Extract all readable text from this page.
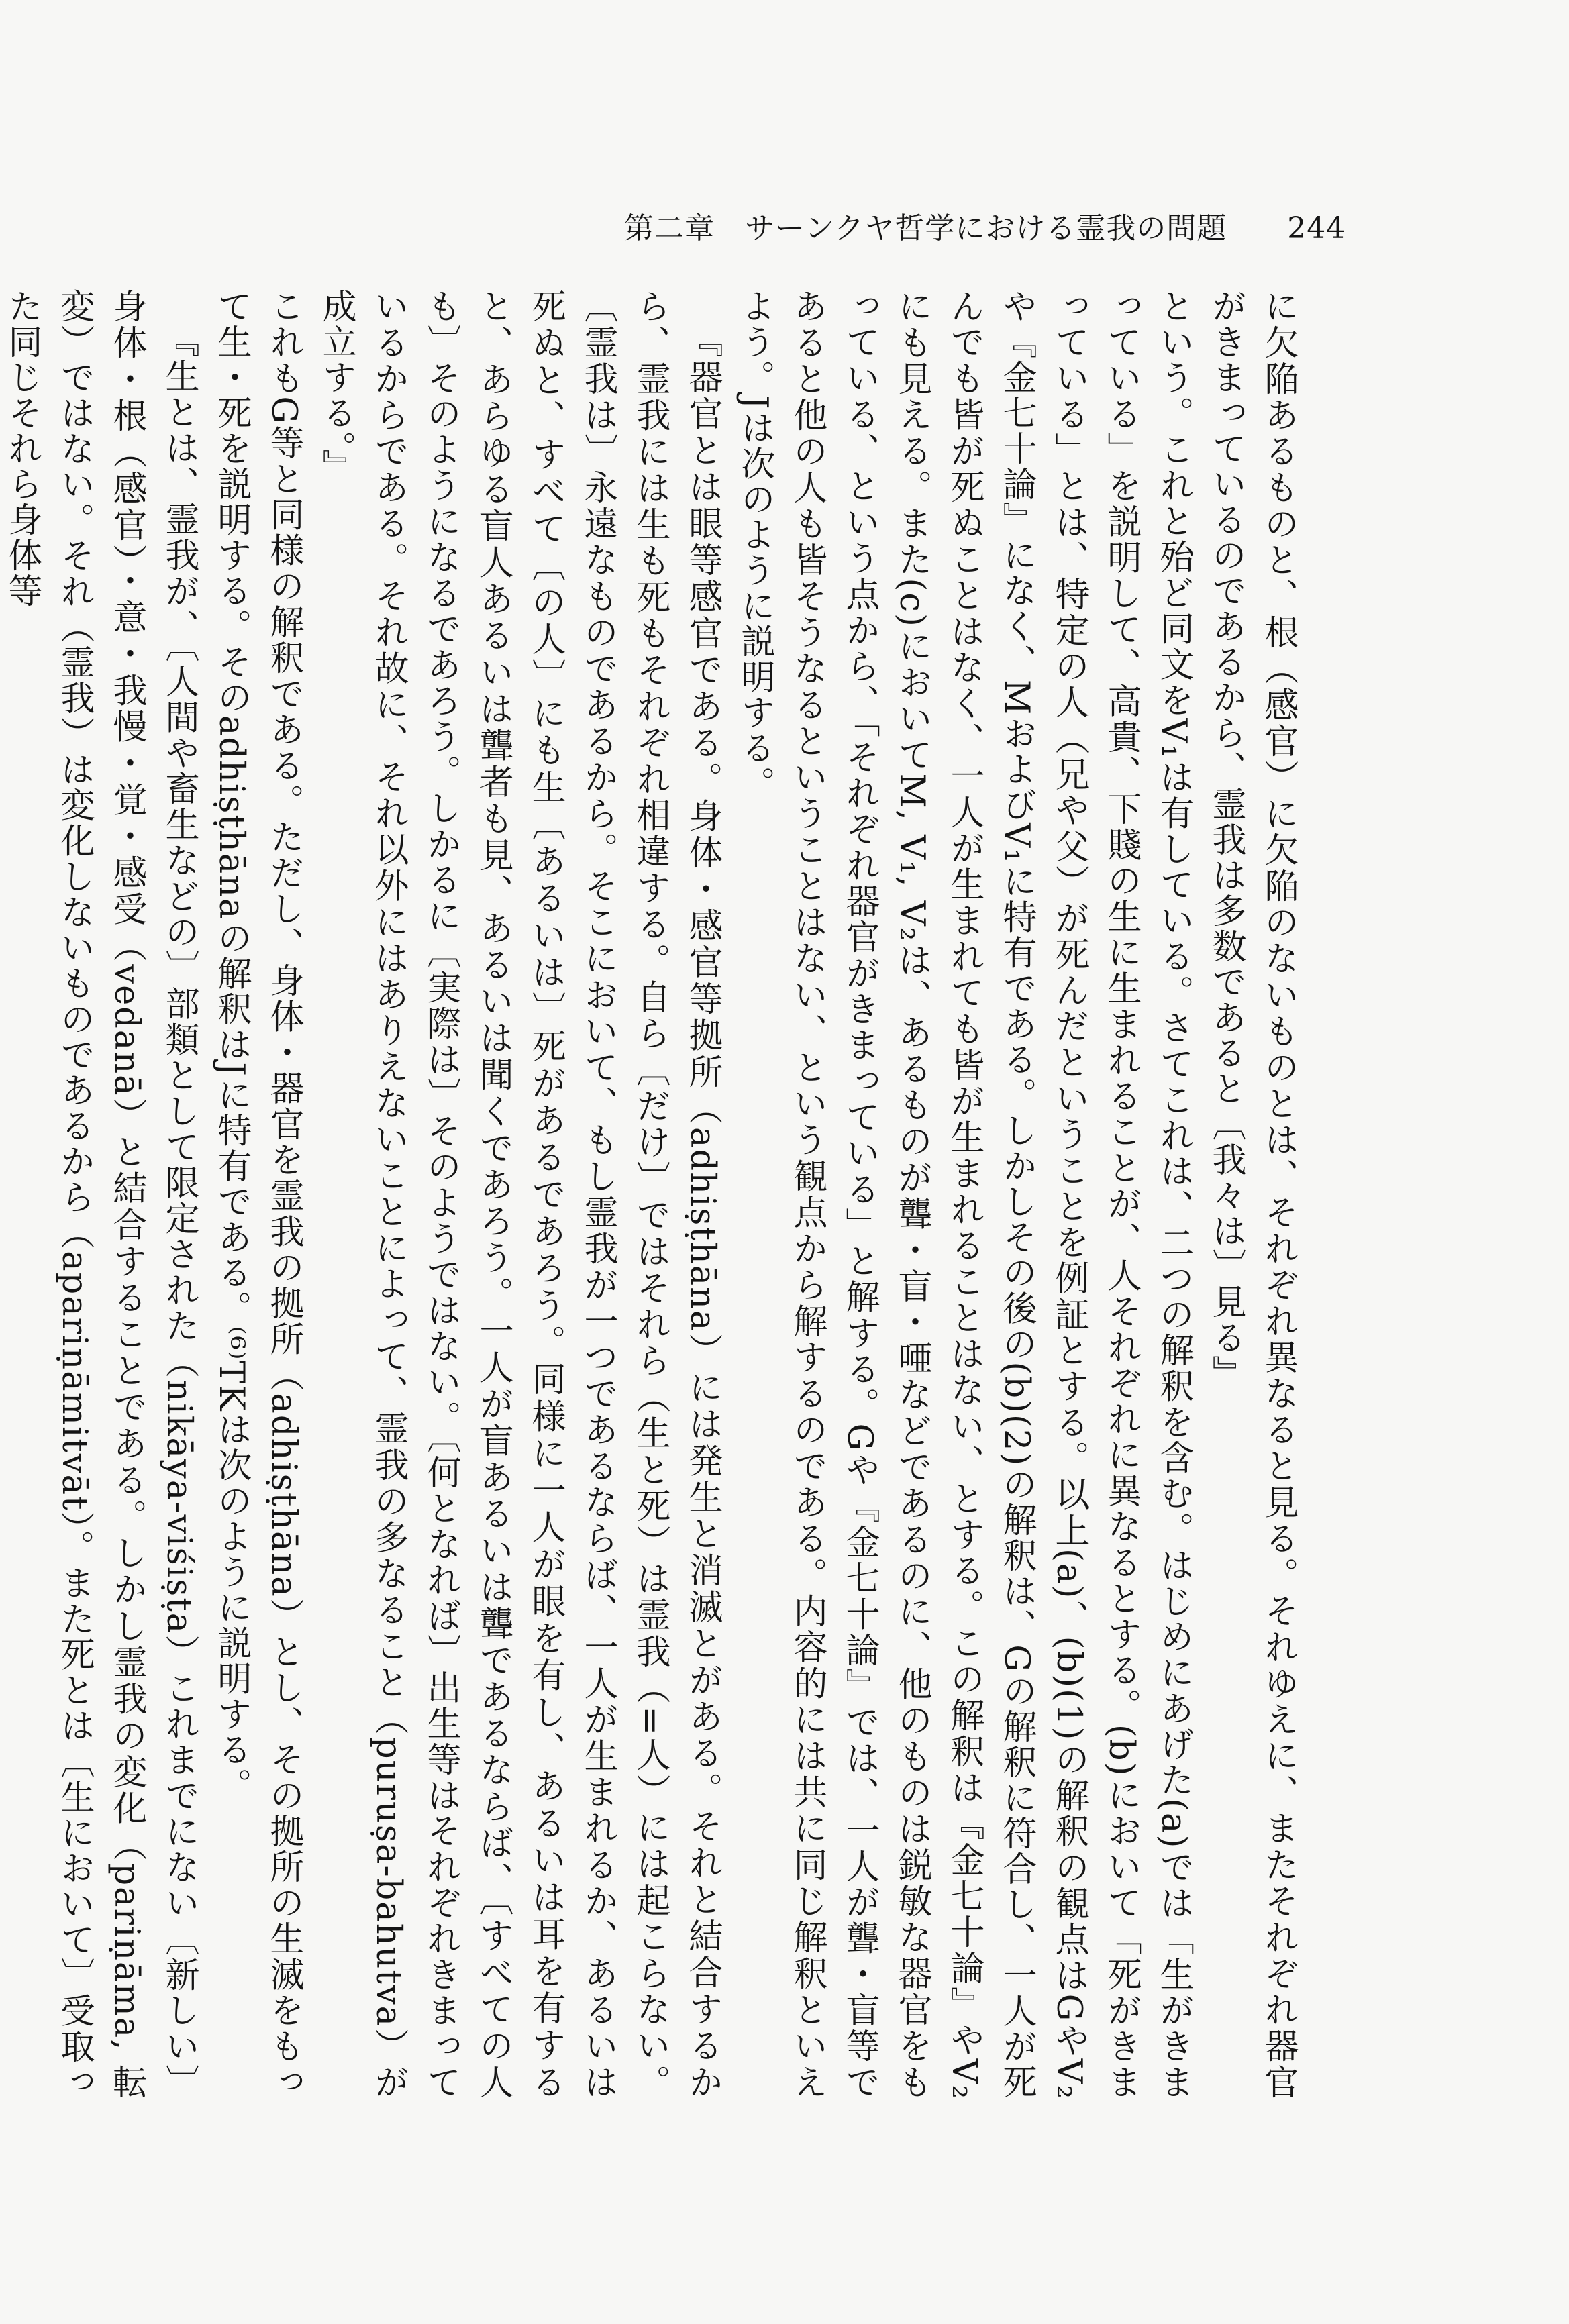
第二章　サーンクヤ哲学における霊我の問題 244

に欠陥あるものと、根（感官）に欠陥のないものとは、それぞれ異なると見る。それゆえに、またそれぞれ器官がきまっているのであるから、霊我は多数であると〔我々は〕見る』

という。これと殆ど同文をV₁は有している。さてこれは、二つの解釈を含む。はじめにあげた(a)では「生がきまっている」を説明して、高貴、下賤の生に生まれることが、人それぞれに異なるとする。(b)において「死がきまっている」とは、特定の人（兄や父）が死んだということを例証とする。以上(a)、(b)(1)の解釈の観点はGやV₂や『金七十論』になく、MおよびV₁に特有である。しかしその後の(b)(2)の解釈は、Gの解釈に符合し、一人が死んでも皆が死ぬことはなく、一人が生まれても皆が生まれることはない、とする。この解釈は『金七十論』やV₂にも見える。また(c)においてM, V₁, V₂は、あるものが聾・盲・唖などであるのに、他のものは鋭敏な器官をもっている、という点から、「それぞれ器官がきまっている」と解する。Gや『金七十論』では、一人が聾・盲等であると他の人も皆そうなるということはない、という観点から解するのである。内容的には共に同じ解釈といえよう。Jは次のように説明する。

『器官とは眼等感官である。身体・感官等拠所（adhiṣṭhāna）には発生と消滅とがある。それと結合するから、霊我には生も死もそれぞれ相違する。自ら〔だけ〕ではそれら（生と死）は霊我（=人）には起こらない。〔霊我は〕永遠なものであるから。そこにおいて、もし霊我が一つであるならば、一人が生まれるか、あるいは死ぬと、すべて〔の人〕にも生〔あるいは〕死があるであろう。同様に一人が眼を有し、あるいは耳を有すると、あらゆる盲人あるいは聾者も見、あるいは聞くであろう。一人が盲あるいは聾であるならば、〔すべての人も〕そのようになるであろう。しかるに〔実際は〕そのようではない。〔何となれば〕出生等はそれぞれきまっているからである。それ故に、それ以外にはありえないことによって、霊我の多なること（puruṣa-bahutva）が成立する。』

これもG等と同様の解釈である。ただし、身体・器官を霊我の拠所（adhiṣṭhāna）とし、その拠所の生滅をもって生・死を説明する。そのadhiṣṭhānaの解釈はJに特有である。⁽⁶⁾TKは次のように説明する。

『生とは、霊我が、〔人間や畜生などの〕部類として限定された（nikāya-viśiṣṭa）これまでにない〔新しい〕身体・根（感官）・意・我慢・覚・感受（vedanā）と結合することである。しかし霊我の変化（pariṇāma, 転変）ではない。それ（霊我）は変化しないものであるから（apariṇāmitvāt）。また死とは〔生において〕受取った同じそれら身体等
